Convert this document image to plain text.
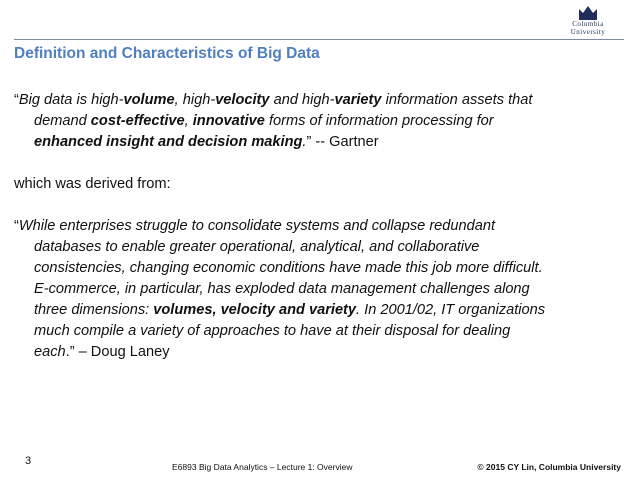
Columbia
University
Definition and Characteristics of Big Data
“Big data is high-volume, high-velocity and high-variety information assets that
demand cost-effective, innovative forms of information processing for
enhanced insight and decision making.” -- Gartner
which was derived from:
“While enterprises struggle to consolidate systems and collapse redundant
databases to enable greater operational, analytical, and collaborative
consistencies, changing economic conditions have made this job more difficult.
E-commerce, in particular, has exploded data management challenges along
three dimensions: volumes, velocity and variety. In 2001/02, IT organizations
much compile a variety of approaches to have at their disposal for dealing
each.” – Doug Laney
3	E6893 Big Data Analytics – Lecture 1: Overview	© 2015 CY Lin, Columbia University
